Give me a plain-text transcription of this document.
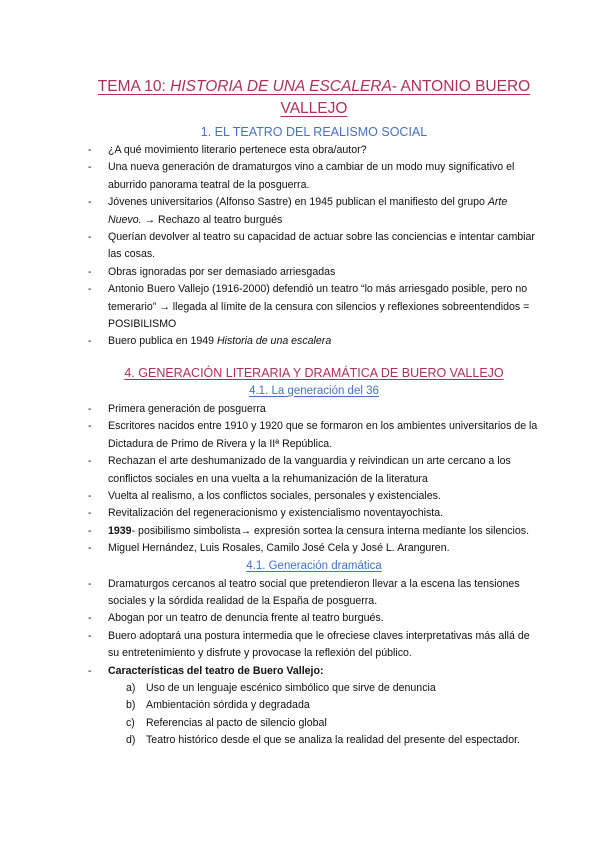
TEMA 10: HISTORIA DE UNA ESCALERA- ANTONIO BUERO VALLEJO
1. EL TEATRO DEL REALISMO SOCIAL
- ¿A qué movimiento literario pertenece esta obra/autor?
- Una nueva generación de dramaturgos vino a cambiar de un modo muy significativo el aburrido panorama teatral de la posguerra.
- Jóvenes universitarios (Alfonso Sastre) en 1945 publican el manifiesto del grupo Arte Nuevo. → Rechazo al teatro burgués
- Querían devolver al teatro su capacidad de actuar sobre las conciencias e intentar cambiar las cosas.
- Obras ignoradas por ser demasiado arriesgadas
- Antonio Buero Vallejo (1916-2000) defendió un teatro “lo más arriesgado posible, pero no temerario” → llegada al límite de la censura con silencios y reflexiones sobreentendidos = POSIBILISMO
- Buero publica en 1949 Historia de una escalera
4. GENERACIÓN LITERARIA Y DRAMÁTICA DE BUERO VALLEJO
4.1. La generación del 36
- Primera generación de posguerra
- Escritores nacidos entre 1910 y 1920 que se formaron en los ambientes universitarios de la Dictadura de Primo de Rivera y la IIª República.
- Rechazan el arte deshumanizado de la vanguardia y reivindican un arte cercano a los conflictos sociales en una vuelta a la rehumanización de la literatura
- Vuelta al realismo, a los conflictos sociales, personales y existenciales.
- Revitalización del regeneracionismo y existencialismo noventayochista.
- 1939- posibilismo simbolista→ expresión sortea la censura interna mediante los silencios.
- Miguel Hernández, Luis Rosales, Camilo José Cela y José L. Aranguren.
4.1. Generación dramática
- Dramaturgos cercanos al teatro social que pretendieron llevar a la escena las tensiones sociales y la sórdida realidad de la España de posguerra.
- Abogan por un teatro de denuncia frente al teatro burgués.
- Buero adoptará una postura intermedia que le ofreciese claves interpretativas más allá de su entretenimiento y disfrute y provocase la reflexión del público.
- Características del teatro de Buero Vallejo:
a) Uso de un lenguaje escénico simbólico que sirve de denuncia
b) Ambientación sórdida y degradada
c) Referencias al pacto de silencio global
d) Teatro histórico desde el que se analiza la realidad del presente del espectador.
